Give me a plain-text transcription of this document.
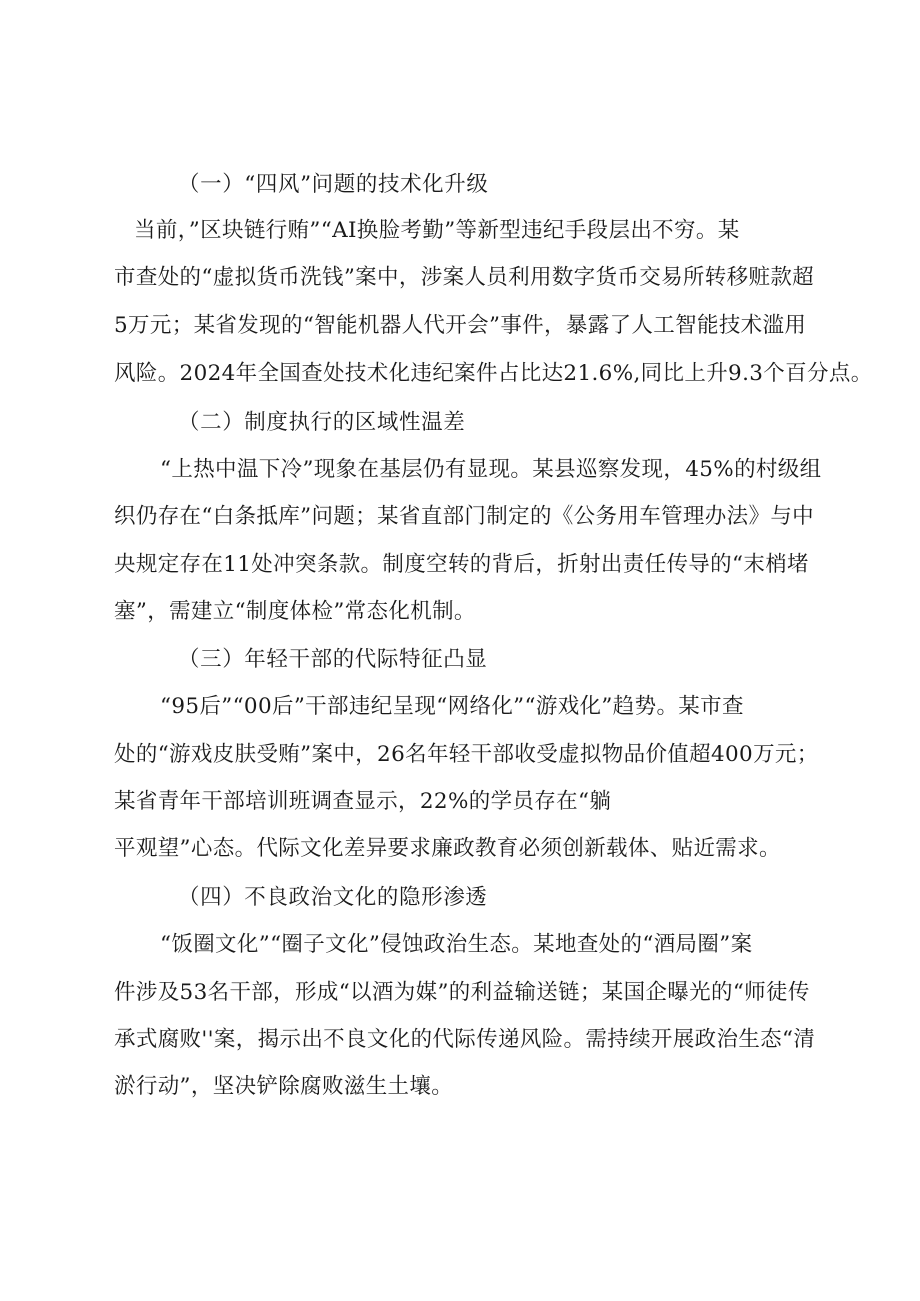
（一）“四风”问题的技术化升级
当前，”区块链行贿”“AI换脸考勤”等新型违纪手段层出不穷。某
市查处的“虚拟货币洗钱”案中，涉案人员利用数字货币交易所转移赃款超
5万元；某省发现的“智能机器人代开会”事件，暴露了人工智能技术滥用
风险。2024年全国查处技术化违纪案件占比达21.6%,同比上升9.3个百分点。
（二）制度执行的区域性温差
“上热中温下冷”现象在基层仍有显现。某县巡察发现，45%的村级组
织仍存在“白条抵库”问题；某省直部门制定的《公务用车管理办法》与中
央规定存在11处冲突条款。制度空转的背后，折射出责任传导的“末梢堵
塞”，需建立“制度体检”常态化机制。
（三）年轻干部的代际特征凸显
“95后”“00后”干部违纪呈现“网络化”“游戏化”趋势。某市查
处的“游戏皮肤受贿”案中，26名年轻干部收受虚拟物品价值超400万元；
某省青年干部培训班调查显示，22%的学员存在“躺
平观望”心态。代际文化差异要求廉政教育必须创新载体、贴近需求。
（四）不良政治文化的隐形渗透
“饭圈文化”“圈子文化”侵蚀政治生态。某地查处的“酒局圈”案
件涉及53名干部，形成“以酒为媒”的利益输送链；某国企曝光的“师徒传
承式腐败''案，揭示出不良文化的代际传递风险。需持续开展政治生态“清
淤行动”，坚决铲除腐败滋生土壤。
